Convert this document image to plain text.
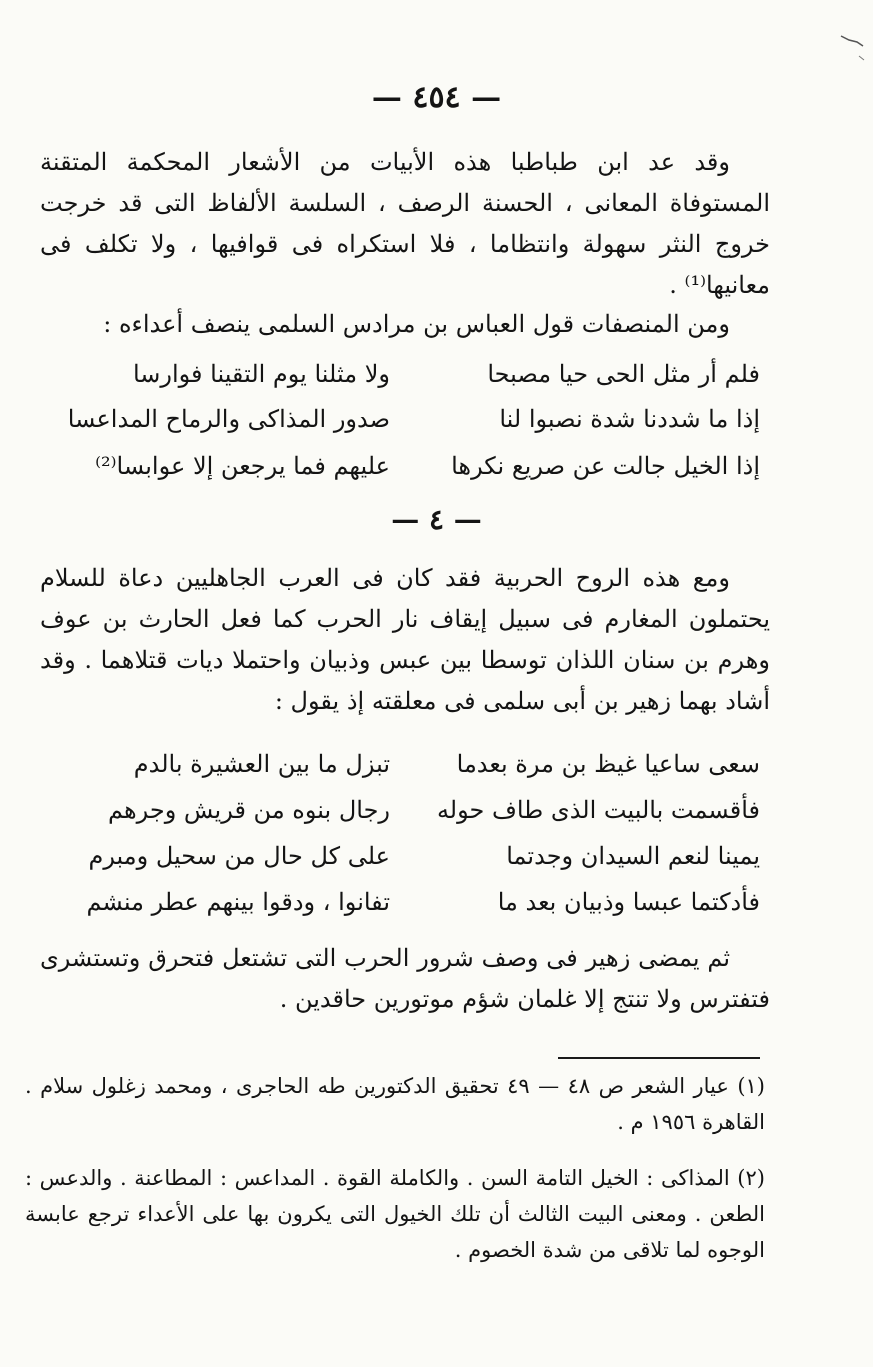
— ٤٥٤ —
وقد عد ابن طباطبا هذه الأبيات من الأشعار المحكمة المتقنة المستوفاة المعانى ، الحسنة الرصف ، السلسة الألفاظ التى قد خرجت خروج النثر سهولة وانتظاما ، فلا استكراه فى قوافيها ، ولا تكلف فى معانيها⁽¹⁾ .
ومن المنصفات قول العباس بن مرادس السلمى ينصف أعداءه :
فلم أر مثل الحى حيا مصبحا
ولا مثلنا يوم التقينا فوارسا
إذا ما شددنا شدة نصبوا لنا
صدور المذاكى والرماح المداعسا
إذا الخيل جالت عن صريع نكرها
عليهم فما يرجعن إلا عوابسا⁽²⁾
— ٤ —
ومع هذه الروح الحربية فقد كان فى العرب الجاهليين دعاة للسلام يحتملون المغارم فى سبيل إيقاف نار الحرب كما فعل الحارث بن عوف وهرم بن سنان اللذان توسطا بين عبس وذبيان واحتملا ديات قتلاهما . وقد أشاد بهما زهير بن أبى سلمى فى معلقته إذ يقول :
سعى ساعيا غيظ بن مرة بعدما
تبزل ما بين العشيرة بالدم
فأقسمت بالبيت الذى طاف حوله
رجال بنوه من قريش وجرهم
يمينا لنعم السيدان وجدتما
على كل حال من سحيل ومبرم
فأدكتما عبسا وذبيان بعد ما
تفانوا ، ودقوا بينهم عطر منشم
ثم يمضى زهير فى وصف شرور الحرب التى تشتعل فتحرق وتستشرى فتفترس ولا تنتج إلا غلمان شؤم موتورين حاقدين .
(١) عيار الشعر ص ٤٨ — ٤٩ تحقيق الدكتورين طه الحاجرى ، ومحمد زغلول سلام . القاهرة ١٩٥٦ م .
(٢) المذاكى : الخيل التامة السن . والكاملة القوة . المداعس : المطاعنة . والدعس : الطعن . ومعنى البيت الثالث أن تلك الخيول التى يكرون بها على الأعداء ترجع عابسة الوجوه لما تلاقى من شدة الخصوم .
